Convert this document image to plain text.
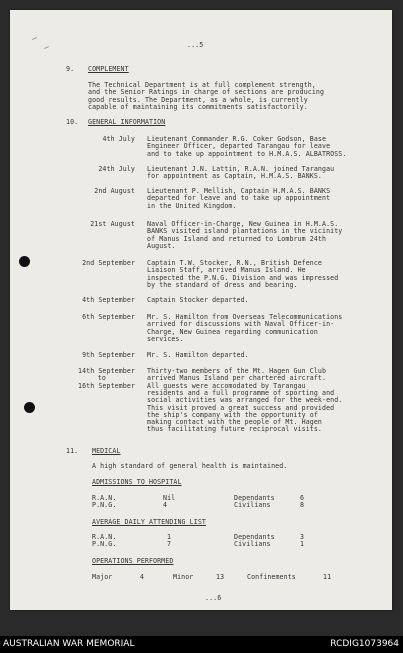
...5
9. COMPLEMENT
The Technical Department is at full complement strength,
and the Senior Ratings in charge of sections are producing
good results. The Department, as a whole, is currently
capable of maintaining its commitments satisfactorily.
10. GENERAL INFORMATION
4th July Lieutenant Commander R.G. Coker Godson, Base
Engineer Officer, departed Tarangau for leave
and to take up appointment to H.M.A.S. ALBATROSS.
24th July Lieutenant J.N. Lattin, R.A.N. joined Tarangau
for appointment as Captain, H.M.A.S. BANKS.
2nd August Lieutenant P. Mellish, Captain H.M.A.S. BANKS
departed for leave and to take up appointment
in the United Kingdom.
21st August Naval Officer-in-Charge, New Guinea in H.M.A.S.
BANKS visited island plantations in the vicinity
of Manus Island and returned to Lombrum 24th
August.
2nd September Captain T.W. Stocker, R.N., British Defence
Liaison Staff, arrived Manus Island. He
inspected the P.N.G. Division and was impressed
by the standard of dress and bearing.
4th September Captain Stocker departed.
6th September Mr. S. Hamilton from Overseas Telecommunications
arrived for discussions with Naval Officer-in-
Charge, New Guinea regarding communication
services.
9th September Mr. S. Hamilton departed.
14th September
to
16th September
Thirty-two members of the Mt. Hagen Gun Club
arrived Manus Island per chartered aircraft.
All guests were accomodated by Tarangau
residents and a full programme of sporting and
social activities was arranged for the week-end.
This visit proved a great success and provided
the ship's company with the opportunity of
making contact with the people of Mt. Hagen
thus facilitating future reciprocal visits.
11. MEDICAL
A high standard of general health is maintained.
ADMISSIONS TO HOSPITAL
R.A.N.	Nil	Dependants	6
P.N.G.	4	Civilians	8
AVERAGE DAILY ATTENDING LIST
R.A.N.	1	Dependants	3
P.N.G.	7	Civilians	1
OPERATIONS PERFORMED
Major	4	Minor	13	Confinements	11
...6
AUSTRALIAN WAR MEMORIAL	RCDIG1073964
